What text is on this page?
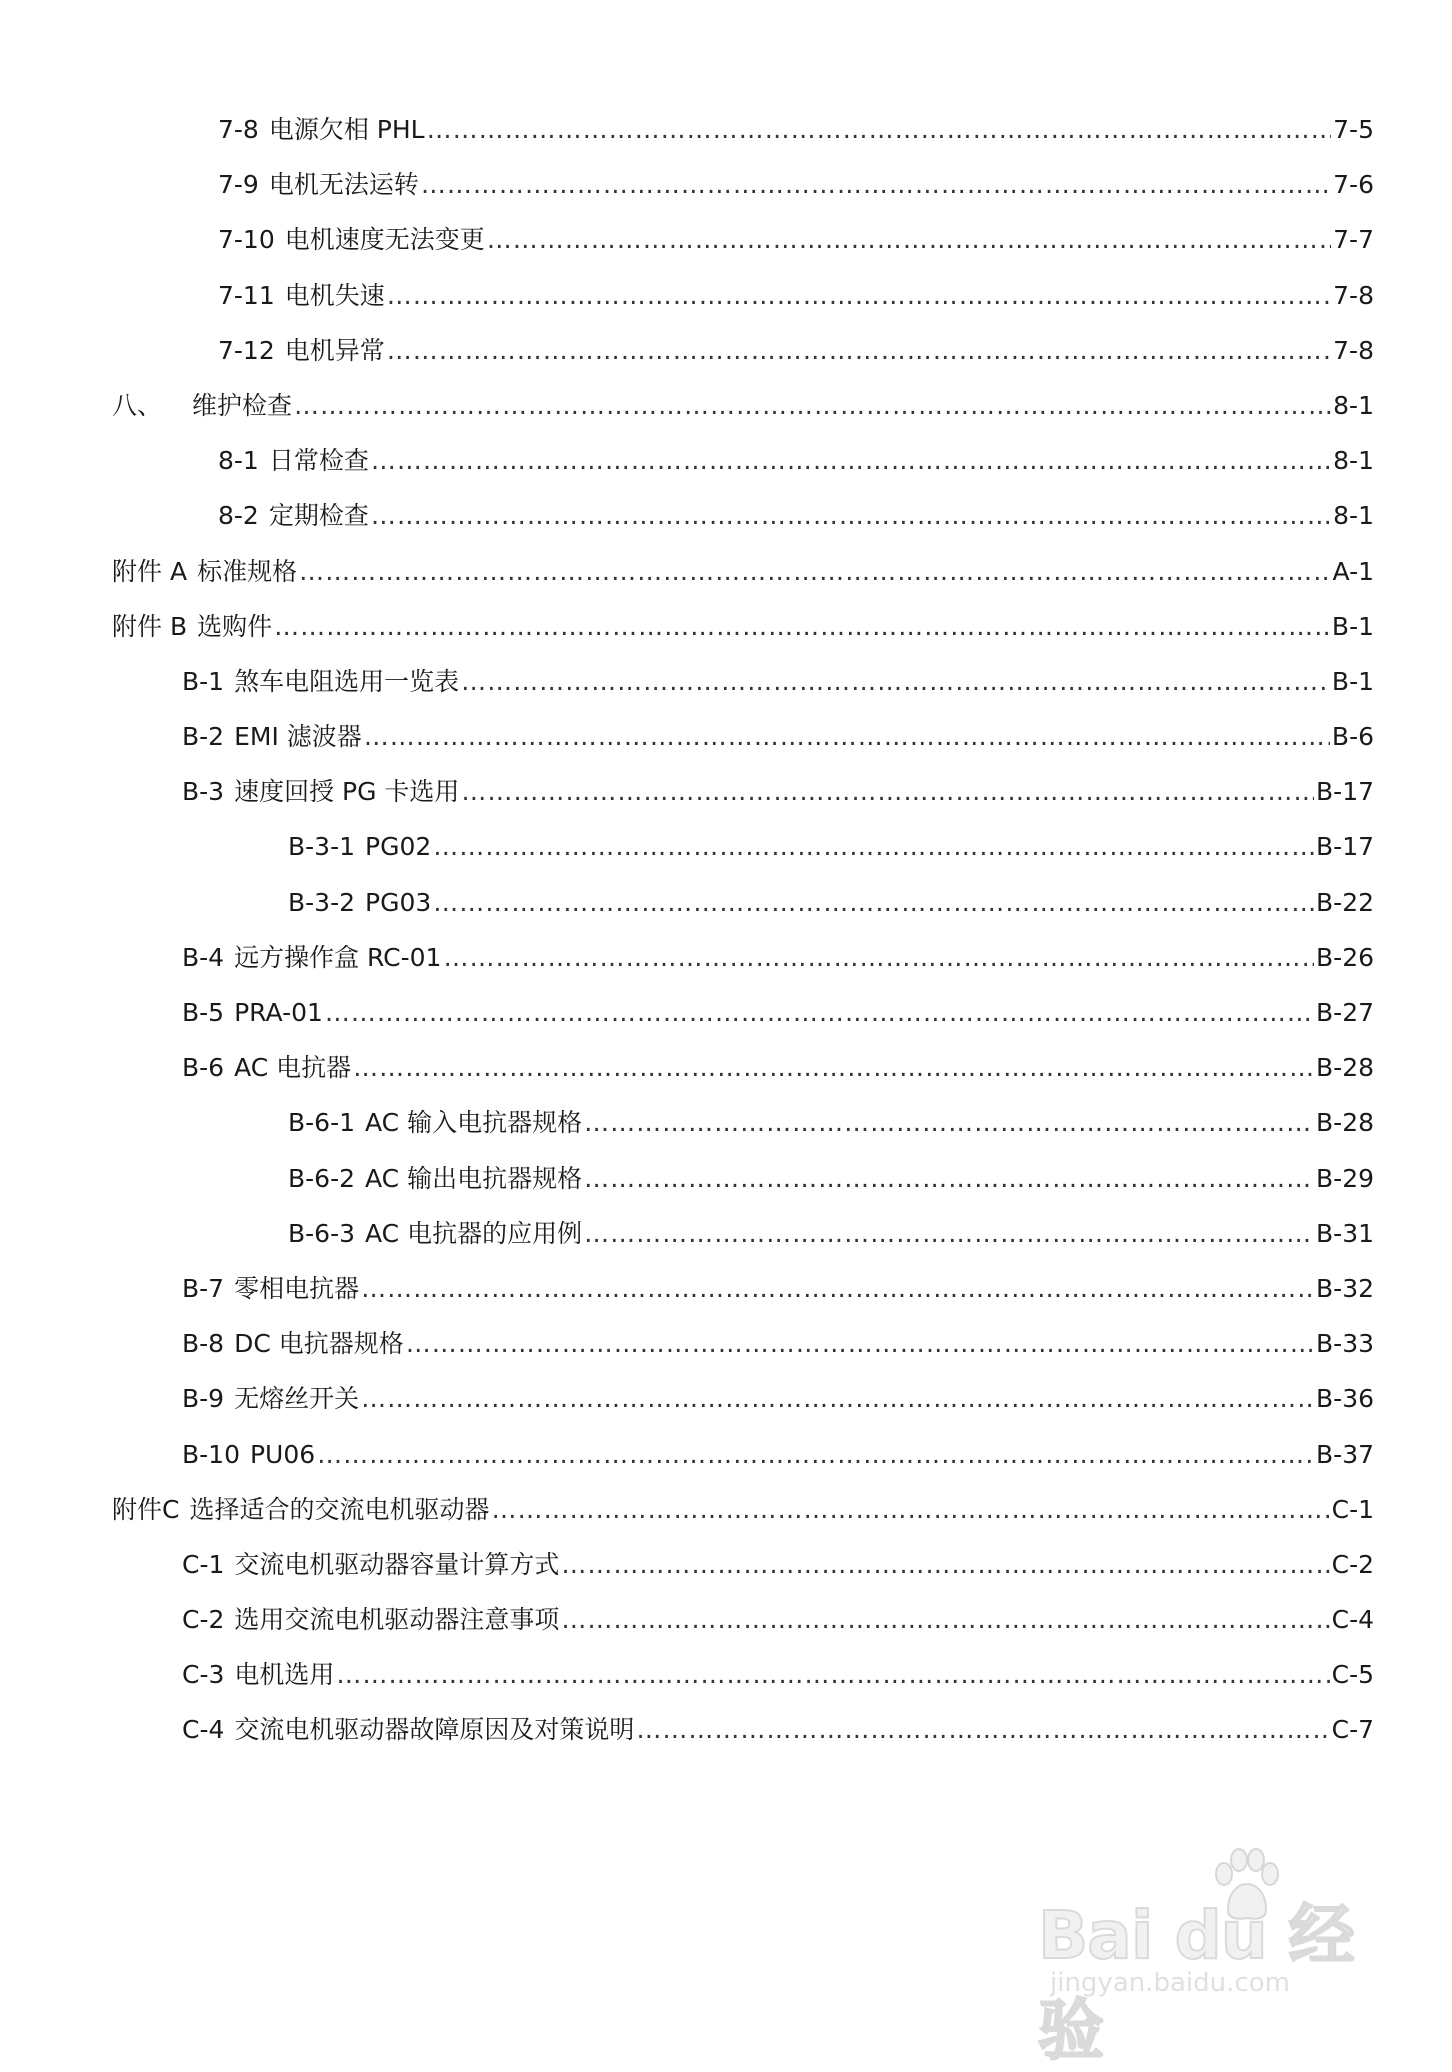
7-8 电源欠相 PHL ……………………………………………………………………………………………………………………………………………………………………………………………………………………	7-5
7-9 电机无法运转 ……………………………………………………………………………………………………………………………………………………………………………………………………………………	7-6
7-10 电机速度无法变更 ……………………………………………………………………………………………………………………………………………………………………………………………………………………	7-7
7-11 电机失速 ……………………………………………………………………………………………………………………………………………………………………………………………………………………	7-8
7-12 电机异常 ……………………………………………………………………………………………………………………………………………………………………………………………………………………	7-8
八、 维护检查 ……………………………………………………………………………………………………………………………………………………………………………………………………………………	8-1
8-1 日常检查 ……………………………………………………………………………………………………………………………………………………………………………………………………………………	8-1
8-2 定期检查 ……………………………………………………………………………………………………………………………………………………………………………………………………………………	8-1
附件 A 标准规格 ……………………………………………………………………………………………………………………………………………………………………………………………………………………	A-1
附件 B 选购件 ……………………………………………………………………………………………………………………………………………………………………………………………………………………	B-1
B-1 煞车电阻选用一览表 ……………………………………………………………………………………………………………………………………………………………………………………………………………………	B-1
B-2 EMI 滤波器 ……………………………………………………………………………………………………………………………………………………………………………………………………………………	B-6
B-3 速度回授 PG 卡选用 ……………………………………………………………………………………………………………………………………………………………………………………………………………………	B-17
B-3-1 PG02 ……………………………………………………………………………………………………………………………………………………………………………………………………………………	B-17
B-3-2 PG03 ……………………………………………………………………………………………………………………………………………………………………………………………………………………	B-22
B-4 远方操作盒 RC-01 ……………………………………………………………………………………………………………………………………………………………………………………………………………………	B-26
B-5 PRA-01 ……………………………………………………………………………………………………………………………………………………………………………………………………………………	B-27
B-6 AC 电抗器 ……………………………………………………………………………………………………………………………………………………………………………………………………………………	B-28
B-6-1 AC 输入电抗器规格 ……………………………………………………………………………………………………………………………………………………………………………………………………………………	B-28
B-6-2 AC 输出电抗器规格 ……………………………………………………………………………………………………………………………………………………………………………………………………………………	B-29
B-6-3 AC 电抗器的应用例 ……………………………………………………………………………………………………………………………………………………………………………………………………………………	B-31
B-7 零相电抗器 ……………………………………………………………………………………………………………………………………………………………………………………………………………………	B-32
B-8 DC 电抗器规格 ……………………………………………………………………………………………………………………………………………………………………………………………………………………	B-33
B-9 无熔丝开关 ……………………………………………………………………………………………………………………………………………………………………………………………………………………	B-36
B-10 PU06 ……………………………………………………………………………………………………………………………………………………………………………………………………………………	B-37
附件C 选择适合的交流电机驱动器 ……………………………………………………………………………………………………………………………………………………………………………………………………………………	C-1
C-1 交流电机驱动器容量计算方式 ……………………………………………………………………………………………………………………………………………………………………………………………………………………	C-2
C-2 选用交流电机驱动器注意事项 ……………………………………………………………………………………………………………………………………………………………………………………………………………………	C-4
C-3 电机选用 ……………………………………………………………………………………………………………………………………………………………………………………………………………………	C-5
C-4 交流电机驱动器故障原因及对策说明 ……………………………………………………………………………………………………………………………………………………………………………………………………………………	C-7
Bai du 经验
jingyan.baidu.com
